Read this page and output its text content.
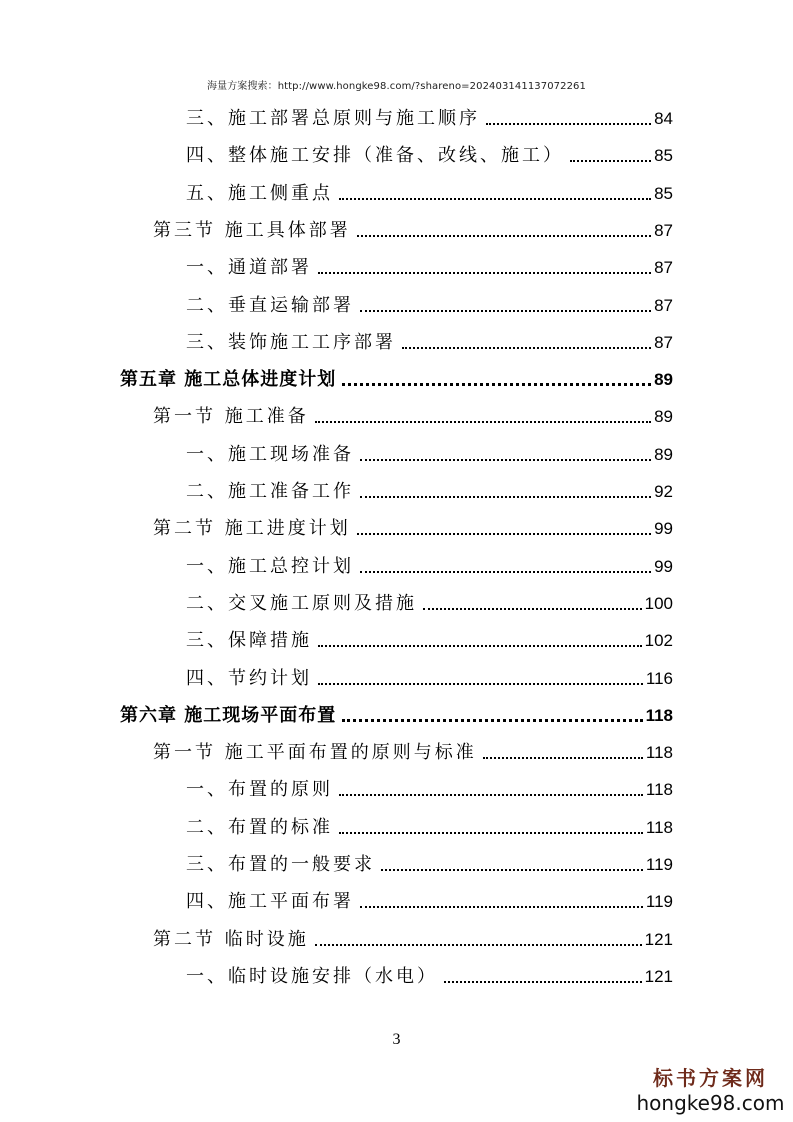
海量方案搜索：http://www.hongke98.com/?shareno=202403141137072261
三、施工部署总原则与施工顺序	84
四、整体施工安排（准备、改线、施工）	85
五、施工侧重点	85
第三节 施工具体部署	87
一、通道部署	87
二、垂直运输部署	87
三、装饰施工工序部署	87
第五章 施工总体进度计划	89
第一节 施工准备	89
一、施工现场准备	89
二、施工准备工作	92
第二节 施工进度计划	99
一、施工总控计划	99
二、交叉施工原则及措施	100
三、保障措施	102
四、节约计划	116
第六章 施工现场平面布置	118
第一节 施工平面布置的原则与标准	118
一、布置的原则	118
二、布置的标准	118
三、布置的一般要求	119
四、施工平面布署	119
第二节 临时设施	121
一、临时设施安排（水电）	121
3
标书方案网
hongke98.com
